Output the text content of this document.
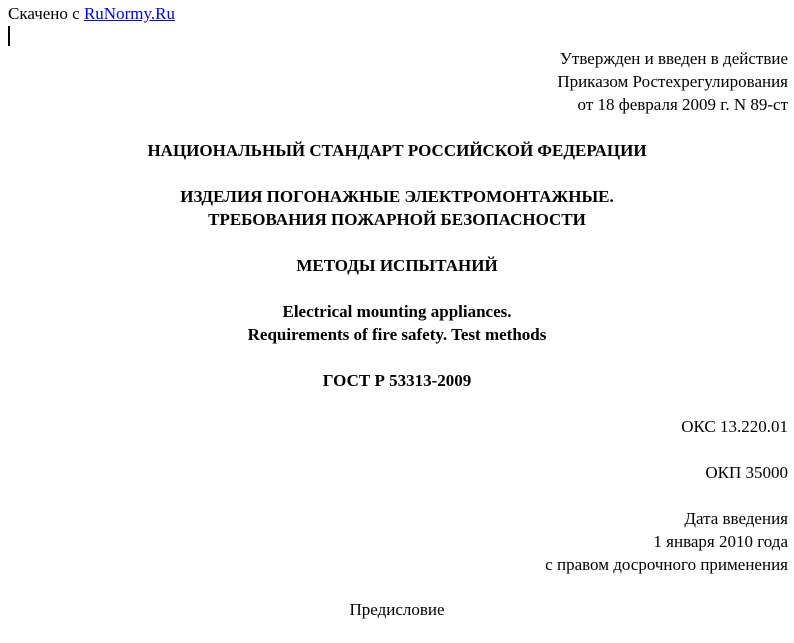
Скачено с RuNormy.Ru
Утвержден и введен в действие
Приказом Ростехрегулирования
от 18 февраля 2009 г. N 89-ст
НАЦИОНАЛЬНЫЙ СТАНДАРТ РОССИЙСКОЙ ФЕДЕРАЦИИ
ИЗДЕЛИЯ ПОГОНАЖНЫЕ ЭЛЕКТРОМОНТАЖНЫЕ.
ТРЕБОВАНИЯ ПОЖАРНОЙ БЕЗОПАСНОСТИ
МЕТОДЫ ИСПЫТАНИЙ
Electrical mounting appliances.
Requirements of fire safety. Test methods
ГОСТ Р 53313-2009
ОКС 13.220.01
ОКП 35000
Дата введения
1 января 2010 года
с правом досрочного применения
Предисловие
